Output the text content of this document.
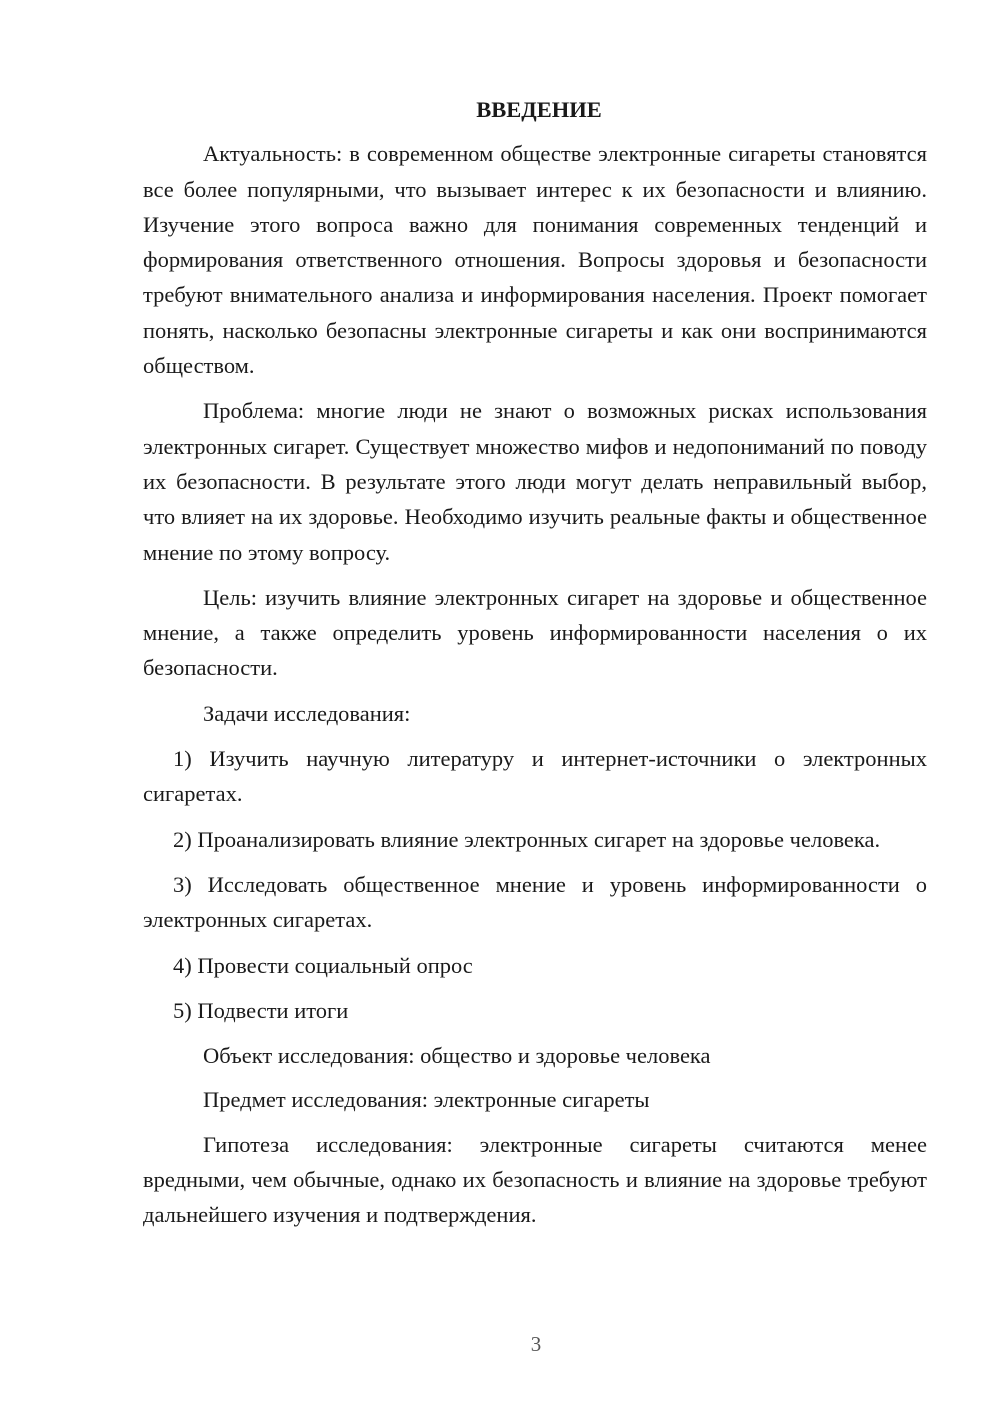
ВВЕДЕНИЕ

Актуальность: в современном обществе электронные сигареты становятся все более популярными, что вызывает интерес к их безопасности и влиянию. Изучение этого вопроса важно для понимания современных тенденций и формирования ответственного отношения. Вопросы здоровья и безопасности требуют внимательного анализа и информирования населения. Проект помогает понять, насколько безопасны электронные сигареты и как они воспринимаются обществом.

Проблема: многие люди не знают о возможных рисках использования электронных сигарет. Существует множество мифов и недопониманий по поводу их безопасности. В результате этого люди могут делать неправильный выбор, что влияет на их здоровье. Необходимо изучить реальные факты и общественное мнение по этому вопросу.

Цель: изучить влияние электронных сигарет на здоровье и общественное мнение, а также определить уровень информированности населения о их безопасности.

Задачи исследования:

1) Изучить научную литературу и интернет-источники о электронных сигаретах.

2) Проанализировать влияние электронных сигарет на здоровье человека.

3) Исследовать общественное мнение и уровень информированности о электронных сигаретах.

4) Провести социальный опрос

5) Подвести итоги

Объект исследования: общество и здоровье человека

Предмет исследования: электронные сигареты

Гипотеза исследования: электронные сигареты считаются менее вредными, чем обычные, однако их безопасность и влияние на здоровье требуют дальнейшего изучения и подтверждения.

3
